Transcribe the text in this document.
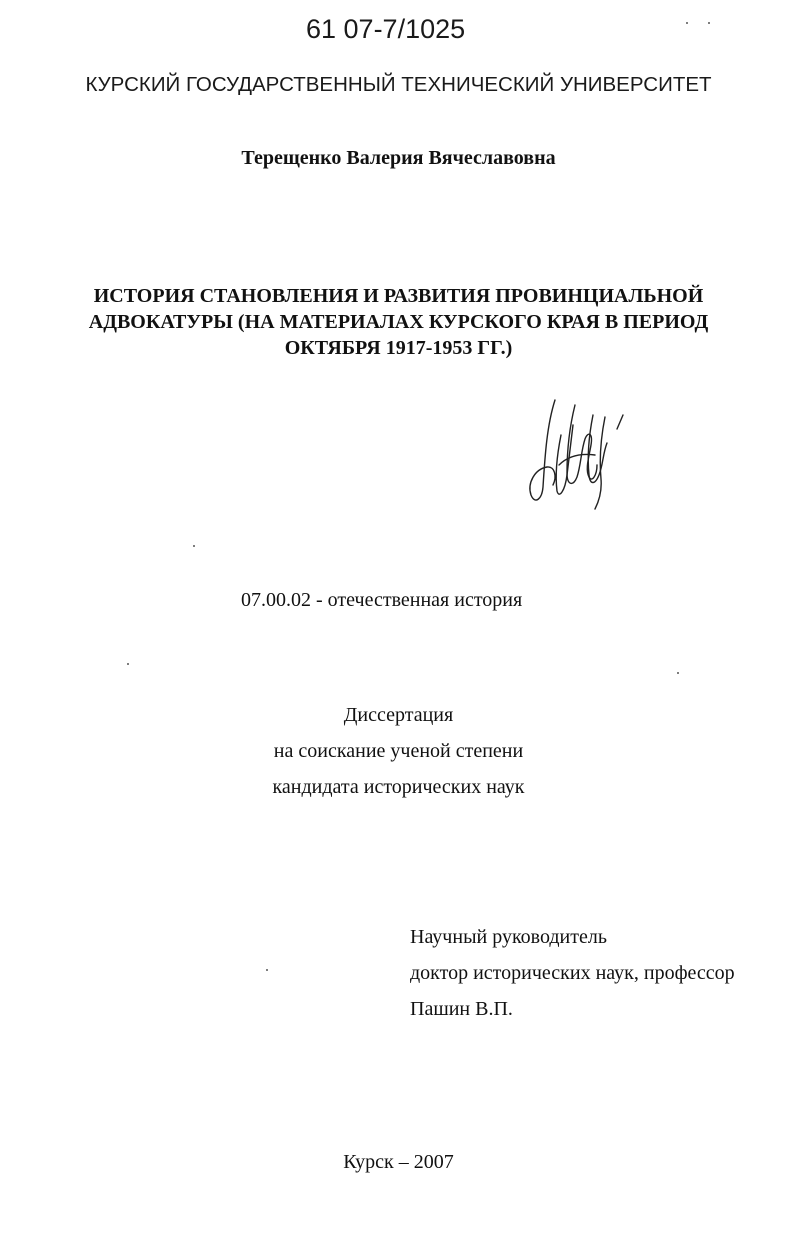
61 07-7/1025
КУРСКИЙ ГОСУДАРСТВЕННЫЙ ТЕХНИЧЕСКИЙ УНИВЕРСИТЕТ
Терещенко Валерия Вячеславовна
ИСТОРИЯ СТАНОВЛЕНИЯ И РАЗВИТИЯ ПРОВИНЦИАЛЬНОЙ
АДВОКАТУРЫ (НА МАТЕРИАЛАХ КУРСКОГО КРАЯ В ПЕРИОД
ОКТЯБРЯ 1917-1953 ГГ.)
07.00.02 - отечественная история
Диссертация
на соискание ученой степени
кандидата исторических наук
Научный руководитель
доктор исторических наук, профессор
Пашин В.П.
Курск – 2007
